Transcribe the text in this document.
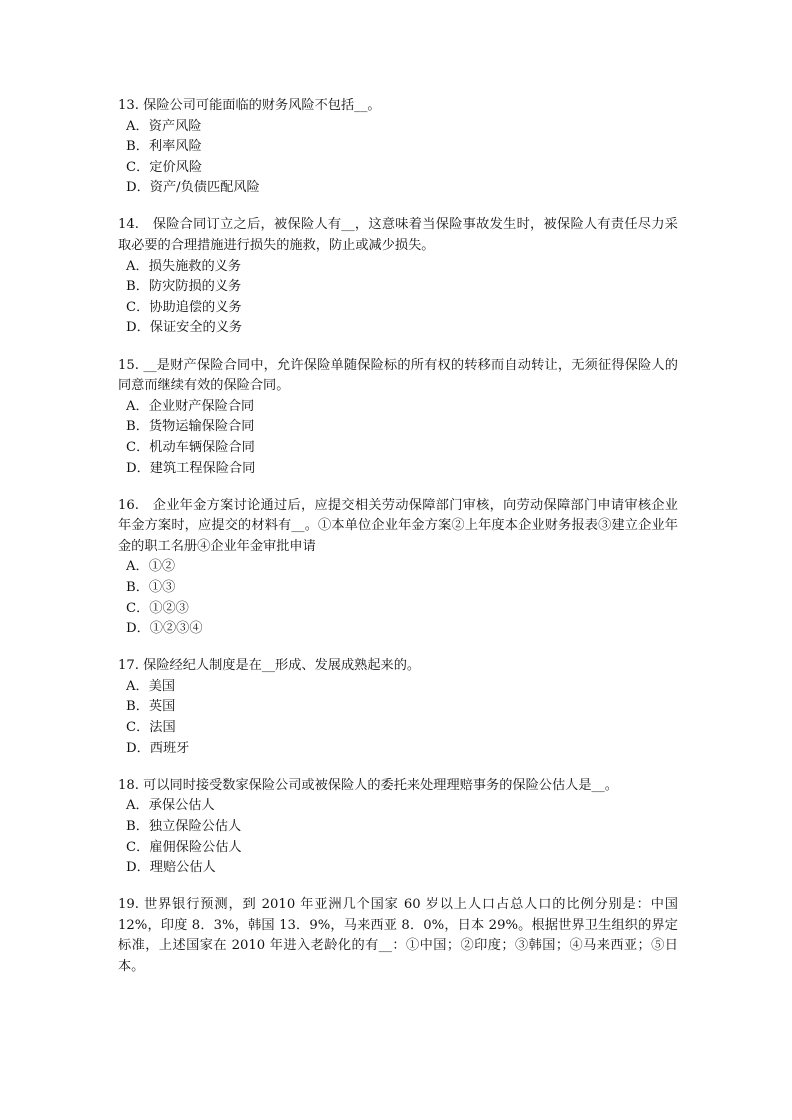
13. 保险公司可能面临的财务风险不包括__。

A．资产风险

B．利率风险

C．定价风险

D．资产/负债匹配风险

14.　保险合同订立之后，被保险人有__，这意味着当保险事故发生时，被保险人有责任尽力采取必要的合理措施进行损失的施救，防止或减少损失。

A．损失施救的义务

B．防灾防损的义务

C．协助追偿的义务

D．保证安全的义务

15. __是财产保险合同中，允许保险单随保险标的所有权的转移而自动转让，无须征得保险人的同意而继续有效的保险合同。

A．企业财产保险合同

B．货物运输保险合同

C．机动车辆保险合同

D．建筑工程保险合同

16.　企业年金方案讨论通过后，应提交相关劳动保障部门审核，向劳动保障部门申请审核企业年金方案时，应提交的材料有__。①本单位企业年金方案②上年度本企业财务报表③建立企业年金的职工名册④企业年金审批申请

A．①②

B．①③

C．①②③

D．①②③④

17. 保险经纪人制度是在__形成、发展成熟起来的。

A．美国

B．英国

C．法国

D．西班牙

18. 可以同时接受数家保险公司或被保险人的委托来处理理赔事务的保险公估人是__。

A．承保公估人

B．独立保险公估人

C．雇佣保险公估人

D．理赔公估人

19. 世界银行预测，到 2010 年亚洲几个国家 60 岁以上人口占总人口的比例分别是：中国 12%，印度 8．3%，韩国 13．9%，马来西亚 8．0%，日本 29%。根据世界卫生组织的界定标准，上述国家在 2010 年进入老龄化的有__：①中国；②印度；③韩国；④马来西亚；⑤日本。
